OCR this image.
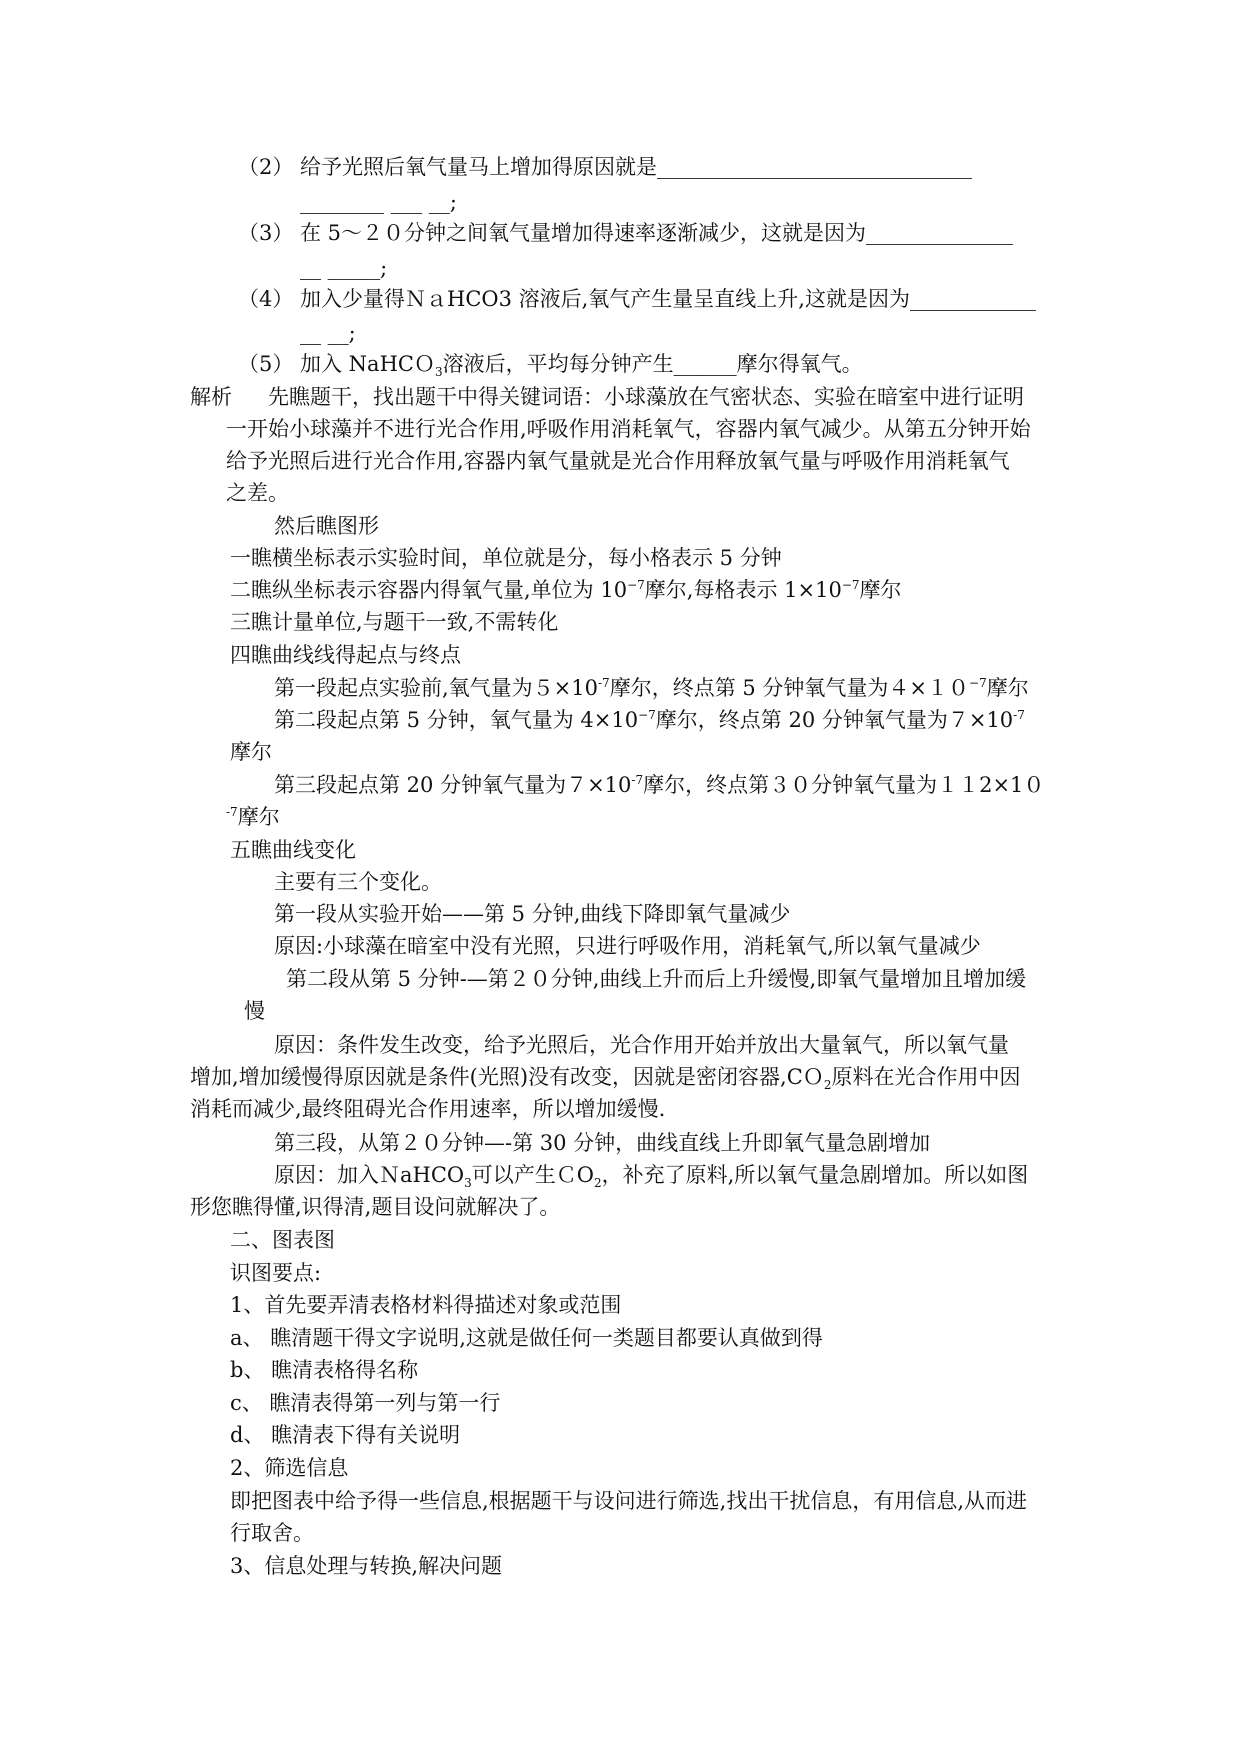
（2） 给予光照后氧气量马上增加得原因就是______________________________
________ ___ __;
（3） 在 5～２０分钟之间氧气量增加得速率逐渐减少，这就是因为______________
__ _____;
（4） 加入少量得ＮａHCO3 溶液后,氧气产生量呈直线上升,这就是因为____________
__ __;
（5） 加入 NaHCＯ$_3$溶液后，平均每分钟产生______摩尔得氧气。
解析 先瞧题干，找出题干中得关键词语：小球藻放在气密状态、实验在暗室中进行证明
一开始小球藻并不进行光合作用,呼吸作用消耗氧气，容器内氧气减少。从第五分钟开始
给予光照后进行光合作用,容器内氧气量就是光合作用释放氧气量与呼吸作用消耗氧气
之差。
然后瞧图形
一瞧横坐标表示实验时间，单位就是分，每小格表示 5 分钟
二瞧纵坐标表示容器内得氧气量,单位为 $10^{-7}$摩尔,每格表示 $1\times 10^{-7}$摩尔
三瞧计量单位,与题干一致,不需转化
四瞧曲线线得起点与终点
第一段起点实验前,氧气量为$5\times 10^{-7}$摩尔，终点第 5 分钟氧气量为$4\times 10^{-7}$摩尔
第二段起点第 5 分钟，氧气量为 $4\times 10^{-7}$摩尔，终点第 20 分钟氧气量为$7\times 10^{-7}$
摩尔
第三段起点第 20 分钟氧气量为$7\times 10^{-7}$摩尔，终点第３０分钟氧气量为１１2×1０
$^{-7}$摩尔
五瞧曲线变化
主要有三个变化。
第一段从实验开始——第 5 分钟,曲线下降即氧气量减少
原因:小球藻在暗室中没有光照，只进行呼吸作用，消耗氧气,所以氧气量减少
第二段从第 5 分钟-—第２０分钟,曲线上升而后上升缓慢,即氧气量增加且增加缓
慢
原因：条件发生改变，给予光照后，光合作用开始并放出大量氧气，所以氧气量
增加,增加缓慢得原因就是条件(光照)没有改变，因就是密闭容器,CＯ$_2$原料在光合作用中因
消耗而减少,最终阻碍光合作用速率，所以增加缓慢.
第三段，从第２０分钟—-第 30 分钟，曲线直线上升即氧气量急剧增加
原因：加入ＮaHCO$_3$可以产生ＣO$_2$，补充了原料,所以氧气量急剧增加。所以如图
形您瞧得懂,识得清,题目设问就解决了。
二、图表图
识图要点:
1、首先要弄清表格材料得描述对象或范围
a、 瞧清题干得文字说明,这就是做任何一类题目都要认真做到得
b、 瞧清表格得名称
c、 瞧清表得第一列与第一行
d、 瞧清表下得有关说明
2、筛选信息
即把图表中给予得一些信息,根据题干与设问进行筛选,找出干扰信息，有用信息,从而进
行取舍。
3、信息处理与转换,解决问题
